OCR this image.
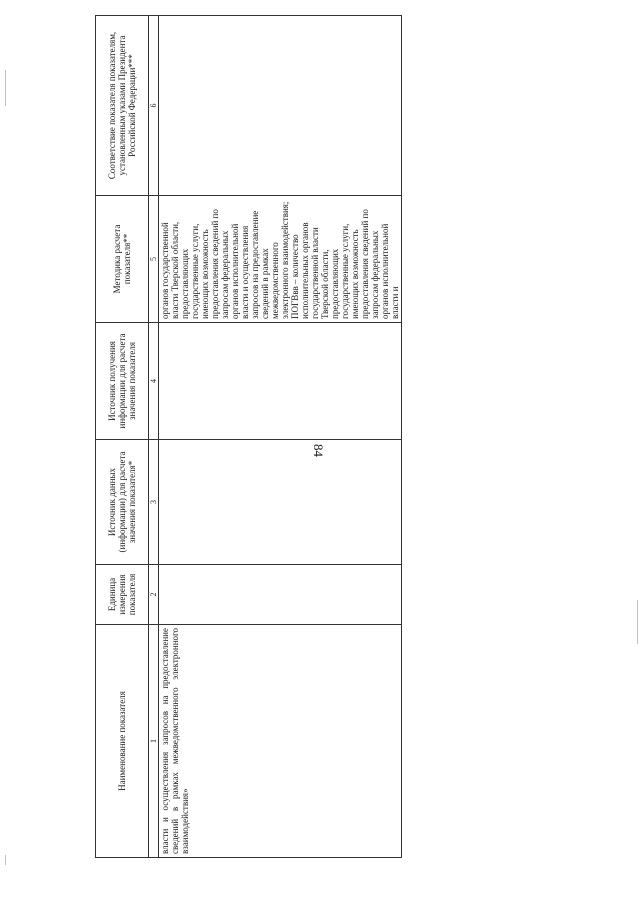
84
Наименование показателя	Единица измерения показателя	Источник данных (информации) для расчета значения показателя*	Источник получения информации для расчета значения показателя	Методика расчета показателя**	Соответствие показателя показателям, установленным указами Президента Российской Федерации***
1	2	3	4	5	6
власти и осуществления запросов на предоставление сведений в рамках межведомственного электронного взаимодействия»				органов государственной власти Тверской области, предоставляющих государственные услуги, имеющих возможность предоставления сведений по запросам федеральных органов исполнительной власти и осуществления запросов на предоставление сведений в рамках межведомственного электронного взаимодействия; ПОГВвв – количество исполнительных органов государственной власти Тверской области, предоставляющих государственные услуги, имеющих возможность предоставления сведений по запросам федеральных органов исполнительной власти и	
